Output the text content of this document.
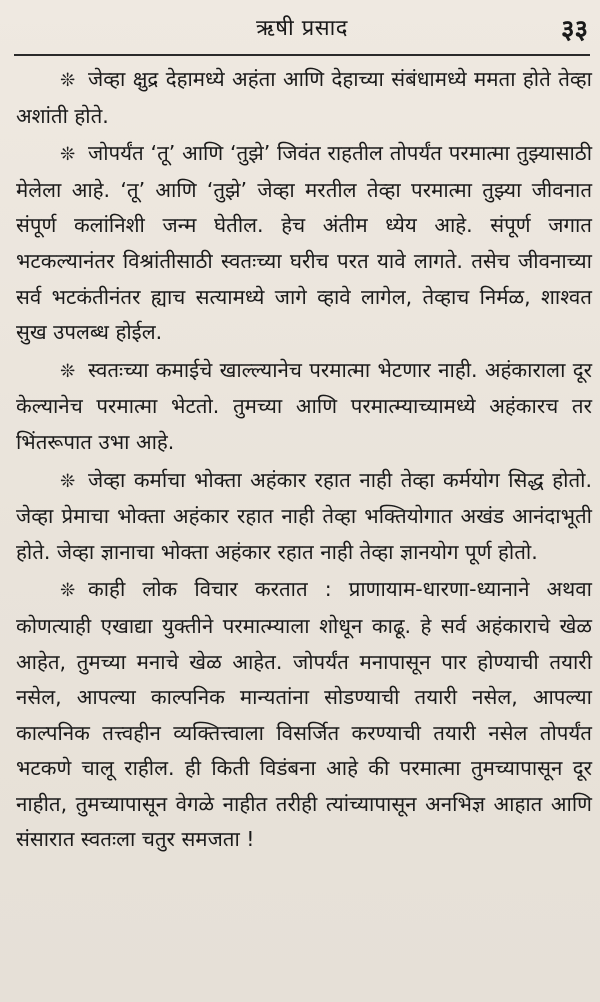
ऋषी प्रसाद	३३

❊ जेव्हा क्षुद्र देहामध्ये अहंता आणि देहाच्या संबंधामध्ये ममता होते तेव्हा अशांती होते.

❊ जोपर्यंत ‘तू’ आणि ‘तुझे’ जिवंत राहतील तोपर्यंत परमात्मा तुझ्यासाठी मेलेला आहे. ‘तू’ आणि ‘तुझे’ जेव्हा मरतील तेव्हा परमात्मा तुझ्या जीवनात संपूर्ण कलांनिशी जन्म घेतील. हेच अंतीम ध्येय आहे. संपूर्ण जगात भटकल्यानंतर विश्रांतीसाठी स्वतःच्या घरीच परत यावे लागते. तसेच जीवनाच्या सर्व भटकंतीनंतर ह्याच सत्यामध्ये जागे व्हावे लागेल, तेव्हाच निर्मळ, शाश्वत सुख उपलब्ध होईल.

❊ स्वतःच्या कमाईचे खाल्ल्यानेच परमात्मा भेटणार नाही. अहंकाराला दूर केल्यानेच परमात्मा भेटतो. तुमच्या आणि परमात्म्याच्यामध्ये अहंकारच तर भिंतरूपात उभा आहे.

❊ जेव्हा कर्माचा भोक्ता अहंकार रहात नाही तेव्हा कर्मयोग सिद्ध होतो. जेव्हा प्रेमाचा भोक्ता अहंकार रहात नाही तेव्हा भक्तियोगात अखंड आनंदाभूती होते. जेव्हा ज्ञानाचा भोक्ता अहंकार रहात नाही तेव्हा ज्ञानयोग पूर्ण होतो.

❊ काही लोक विचार करतात : प्राणायाम-धारणा-ध्यानाने अथवा कोणत्याही एखाद्या युक्तीने परमात्म्याला शोधून काढू. हे सर्व अहंकाराचे खेळ आहेत, तुमच्या मनाचे खेळ आहेत. जोपर्यंत मनापासून पार होण्याची तयारी नसेल, आपल्या काल्पनिक मान्यतांना सोडण्याची तयारी नसेल, आपल्या काल्पनिक तत्त्वहीन व्यक्तित्त्वाला विसर्जित करण्याची तयारी नसेल तोपर्यंत भटकणे चालू राहील. ही किती विडंबना आहे की परमात्मा तुमच्यापासून दूर नाहीत, तुमच्यापासून वेगळे नाहीत तरीही त्यांच्यापासून अनभिज्ञ आहात आणि संसारात स्वतःला चतुर समजता !
